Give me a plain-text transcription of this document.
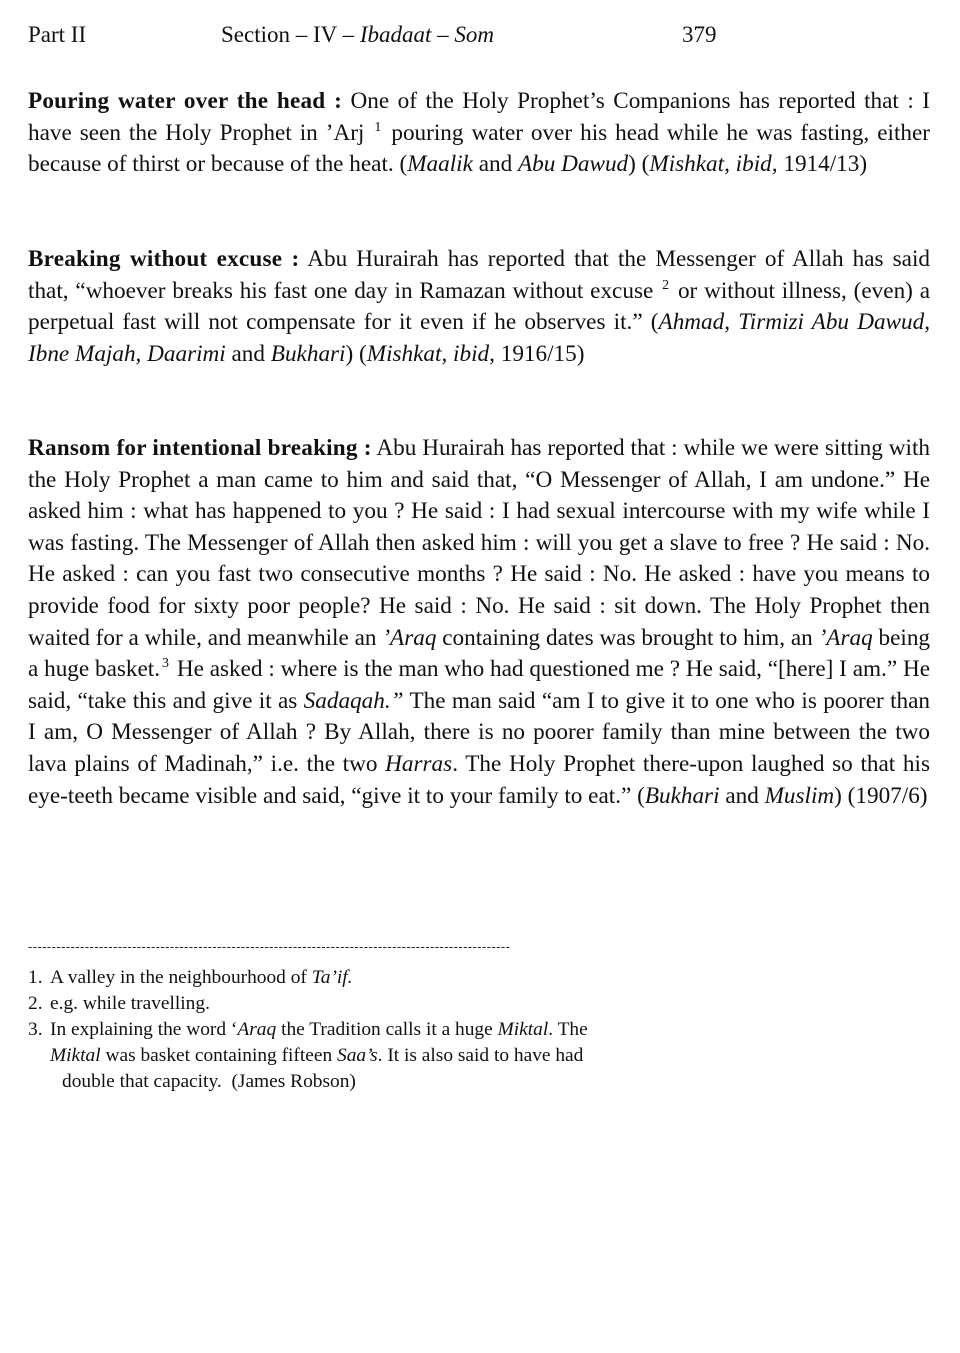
Part II	Section – IV – Ibadaat – Som	379

Pouring water over the head : One of the Holy Prophet’s Companions has reported that : I have seen the Holy Prophet in ’Arj $^1$ pouring water over his head while he was fasting, either because of thirst or because of the heat. (Maalik and Abu Dawud) (Mishkat, ibid, 1914/13)

Breaking without excuse : Abu Hurairah has reported that the Messenger of Allah has said that, “whoever breaks his fast one day in Ramazan without excuse $^2$ or without illness, (even) a perpetual fast will not compensate for it even if he observes it.” (Ahmad, Tirmizi Abu Dawud, Ibne Majah, Daarimi and Bukhari) (Mishkat, ibid, 1916/15)

Ransom for intentional breaking : Abu Hurairah has reported that : while we were sitting with the Holy Prophet a man came to him and said that, “O Messenger of Allah, I am undone.” He asked him : what has happened to you ? He said : I had sexual intercourse with my wife while I was fasting. The Messenger of Allah then asked him : will you get a slave to free ? He said : No. He asked : can you fast two consecutive months ? He said : No. He asked : have you means to provide food for sixty poor people? He said : No. He said : sit down. The Holy Prophet then waited for a while, and meanwhile an ’Araq containing dates was brought to him, an ’Araq being a huge basket. $^3$ He asked : where is the man who had questioned me ? He said, “[here] I am.” He said, “take this and give it as Sadaqah.” The man said “am I to give it to one who is poorer than I am, O Messenger of Allah ? By Allah, there is no poorer family than mine between the two lava plains of Madinah,” i.e. the two Harras. The Holy Prophet there-upon laughed so that his eye-teeth became visible and said, “give it to your family to eat.” (Bukhari and Muslim) (1907/6)

------------------------------------------------------------------------------------------------------
1. A valley in the neighbourhood of Ta’if.
2. e.g. while travelling.
3. In explaining the word ‘Araq the Tradition calls it a huge Miktal. The
Miktal was basket containing fifteen Saa’s. It is also said to have had
double that capacity. (James Robson)
